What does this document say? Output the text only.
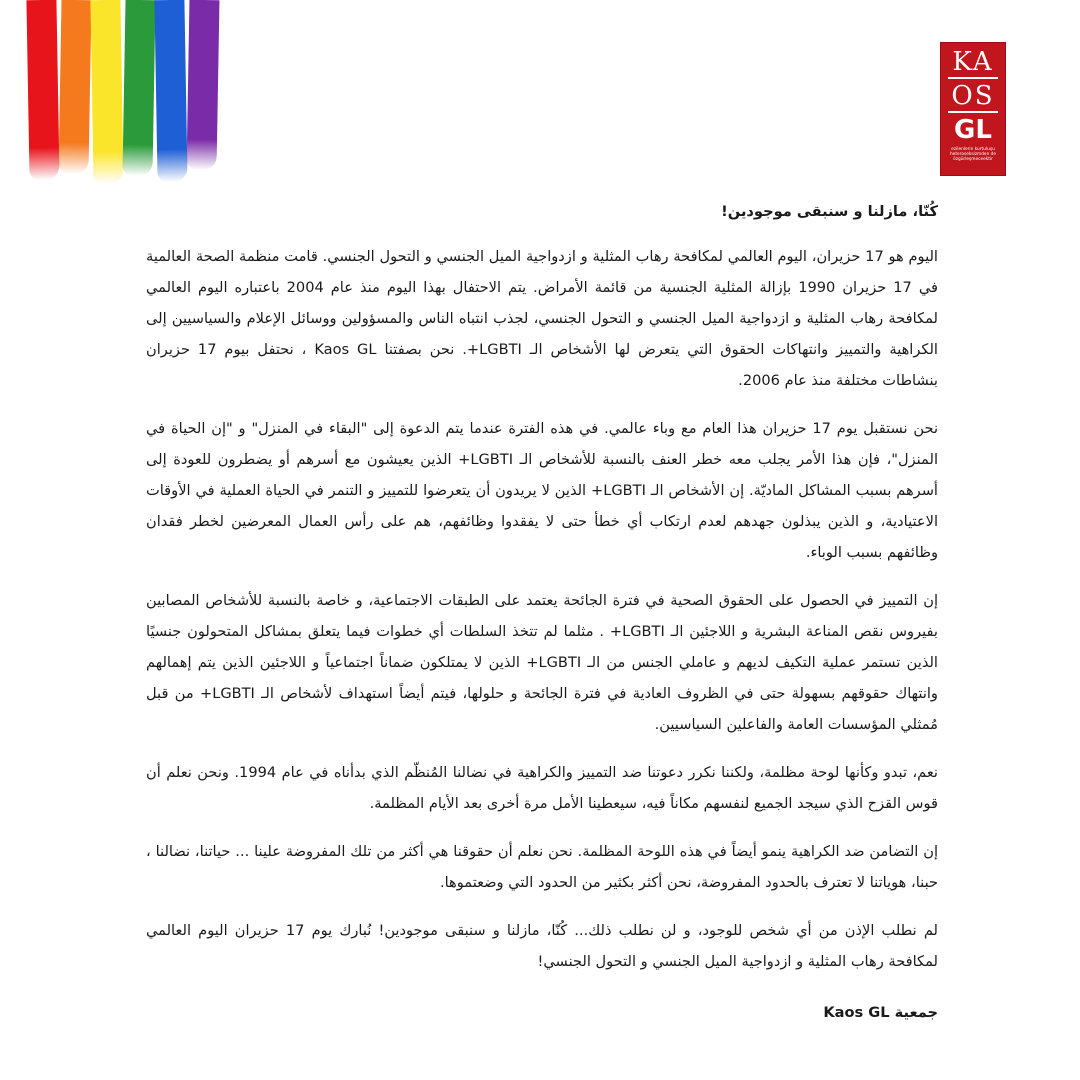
KA
OS
GL
ezilenlerin kurtuluşu heteroseksizmden de özgürleşmeceektir
كُنّا، مازلنا و سنبقى موجودين!

اليوم هو 17 حزيران، اليوم العالمي لمكافحة رهاب المثلية و ازدواجية الميل الجنسي و التحول الجنسي. قامت منظمة الصحة العالمية في 17 حزيران 1990 بإزالة المثلية الجنسية من قائمة الأمراض. يتم الاحتفال بهذا اليوم منذ عام 2004 باعتباره اليوم العالمي لمكافحة رهاب المثلية و ازدواجية الميل الجنسي و التحول الجنسي، لجذب انتباه الناس والمسؤولين ووسائل الإعلام والسياسيين إلى الكراهية والتمييز وانتهاكات الحقوق التي يتعرض لها الأشخاص الـ LGBTI+. نحن بصفتنا Kaos GL ، نحتفل بيوم 17 حزيران بنشاطات مختلفة منذ عام 2006.

نحن نستقبل يوم 17 حزيران هذا العام مع وباء عالمي. في هذه الفترة عندما يتم الدعوة إلى "البقاء في المنزل" و "إن الحياة في المنزل"، فإن هذا الأمر يجلب معه خطر العنف بالنسبة للأشخاص الـ LGBTI+ الذين يعيشون مع أسرهم أو يضطرون للعودة إلى أسرهم بسبب المشاكل الماديّة. إن الأشخاص الـ LGBTI+ الذين لا يريدون أن يتعرضوا للتمييز و التنمر في الحياة العملية في الأوقات الاعتيادية، و الذين يبذلون جهدهم لعدم ارتكاب أي خطأ حتى لا يفقدوا وظائفهم، هم على رأس العمال المعرضين لخطر فقدان وظائفهم بسبب الوباء.

إن التمييز في الحصول على الحقوق الصحية في فترة الجائحة يعتمد على الطبقات الاجتماعية، و خاصة بالنسبة للأشخاص المصابين بفيروس نقص المناعة البشرية و اللاجئين الـ LGBTI+ . مثلما لم تتخذ السلطات أي خطوات فيما يتعلق بمشاكل المتحولون جنسيًا الذين تستمر عملية التكيف لديهم و عاملي الجنس من الـ LGBTI+ الذين لا يمتلكون ضماناً اجتماعياً و اللاجئين الذين يتم إهمالهم وانتهاك حقوقهم بسهولة حتى في الظروف العادية في فترة الجائحة و حلولها، فيتم أيضاً استهداف لأشخاص الـ LGBTI+ من قبل مُمثلي المؤسسات العامة والفاعلين السياسيين.

نعم، تبدو وكأنها لوحة مظلمة، ولكننا نكرر دعوتنا ضد التمييز والكراهية في نضالنا المُنظّم الذي بدأناه في عام 1994. ونحن نعلم أن قوس القزح الذي سيجد الجميع لنفسهم مكاناً فيه، سيعطينا الأمل مرة أخرى بعد الأيام المظلمة.

إن التضامن ضد الكراهية ينمو أيضاً في هذه اللوحة المظلمة. نحن نعلم أن حقوقنا هي أكثر من تلك المفروضة علينا ... حياتنا، نضالنا ، حبنا، هوياتنا لا تعترف بالحدود المفروضة، نحن أكثر بكثير من الحدود التي وضعتموها.

لم نطلب الإذن من أي شخص للوجود، و لن نطلب ذلك... كُنّا، مازلنا و سنبقى موجودين! نُبارك يوم 17 حزيران اليوم العالمي لمكافحة رهاب المثلية و ازدواجية الميل الجنسي و التحول الجنسي!

جمعية Kaos GL
